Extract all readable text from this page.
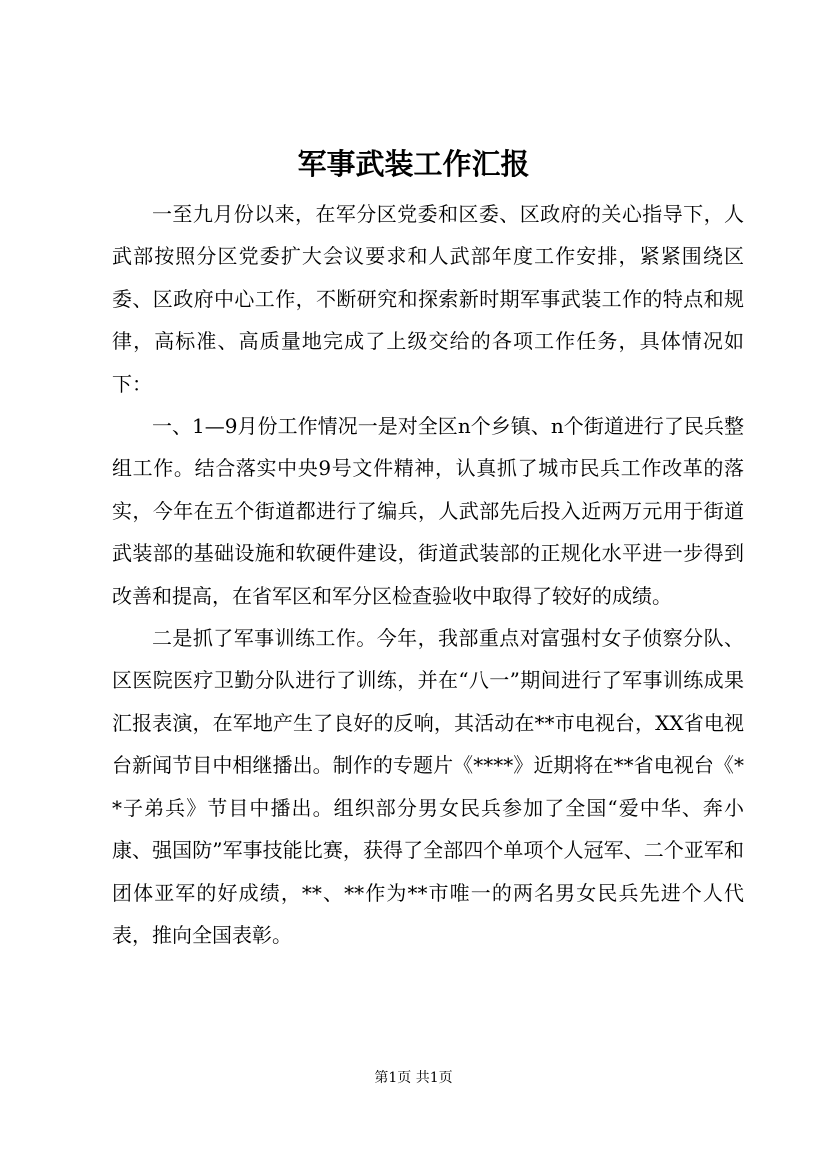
军事武装工作汇报

一至九月份以来，在军分区党委和区委、区政府的关心指导下，人武部按照分区党委扩大会议要求和人武部年度工作安排，紧紧围绕区委、区政府中心工作，不断研究和探索新时期军事武装工作的特点和规律，高标准、高质量地完成了上级交给的各项工作任务，具体情况如下：

一、1—9月份工作情况一是对全区n个乡镇、n个街道进行了民兵整组工作。结合落实中央9号文件精神，认真抓了城市民兵工作改革的落实，今年在五个街道都进行了编兵，人武部先后投入近两万元用于街道武装部的基础设施和软硬件建设，街道武装部的正规化水平进一步得到改善和提高，在省军区和军分区检查验收中取得了较好的成绩。

二是抓了军事训练工作。今年，我部重点对富强村女子侦察分队、区医院医疗卫勤分队进行了训练，并在“八一”期间进行了军事训练成果汇报表演，在军地产生了良好的反响，其活动在**市电视台，XX省电视台新闻节目中相继播出。制作的专题片《****》近期将在**省电视台《**子弟兵》节目中播出。组织部分男女民兵参加了全国“爱中华、奔小康、强国防”军事技能比赛，获得了全部四个单项个人冠军、二个亚军和团体亚军的好成绩，**、**作为**市唯一的两名男女民兵先进个人代表，推向全国表彰。

第1页 共1页
